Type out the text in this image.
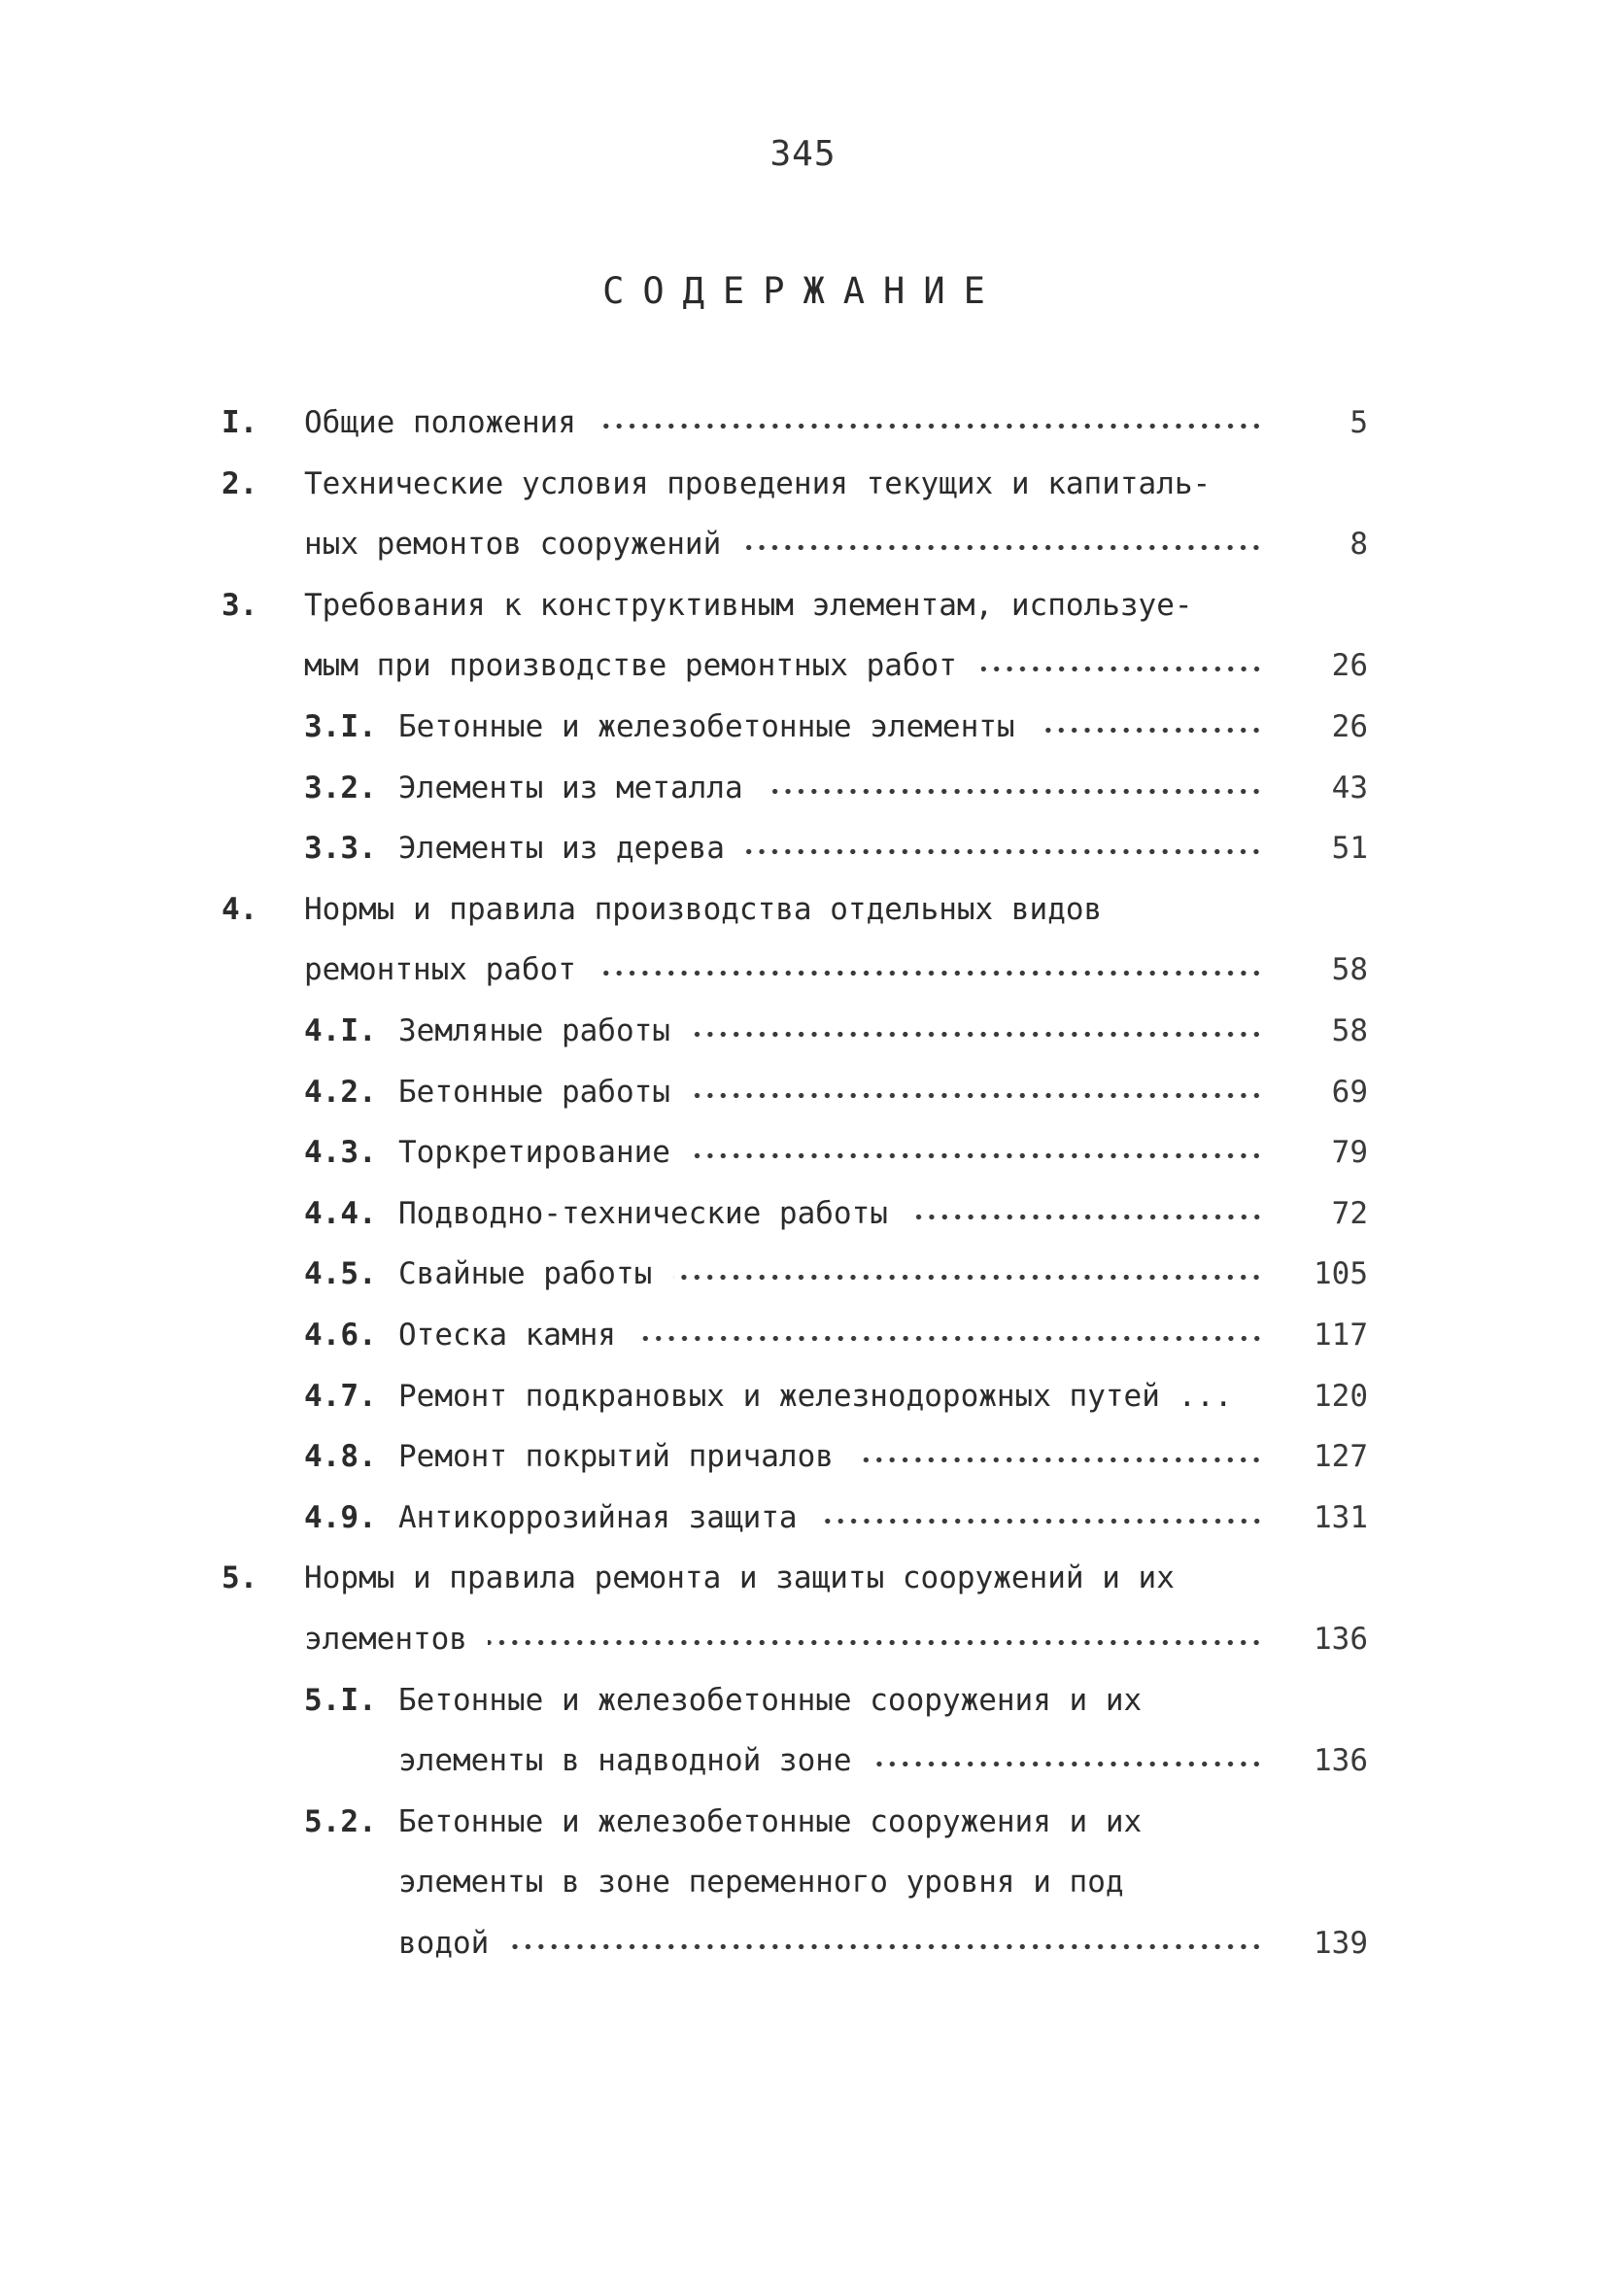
345
СОДЕРЖАНИЕ
I. Общие положения	5
2. Технические условия проведения текущих и капиталь-
ных ремонтов сооружений	8
3. Требования к конструктивным элементам, используе-
мым при производстве ремонтных работ	26
3.I. Бетонные и железобетонные элементы	26
3.2. Элементы из металла	43
3.3. Элементы из дерева	51
4. Нормы и правила производства отдельных видов
ремонтных работ	58
4.I. Земляные работы	58
4.2. Бетонные работы	69
4.3. Торкретирование	79
4.4. Подводно-технические работы	72
4.5. Свайные работы	105
4.6. Отеска камня	117
4.7. Ремонт подкрановых и железнодорожных путей ...	120
4.8. Ремонт покрытий причалов	127
4.9. Антикоррозийная защита	131
5. Нормы и правила ремонта и защиты сооружений и их
элементов	136
5.I. Бетонные и железобетонные сооружения и их
элементы в надводной зоне	136
5.2. Бетонные и железобетонные сооружения и их
элементы в зоне переменного уровня и под
водой	139
